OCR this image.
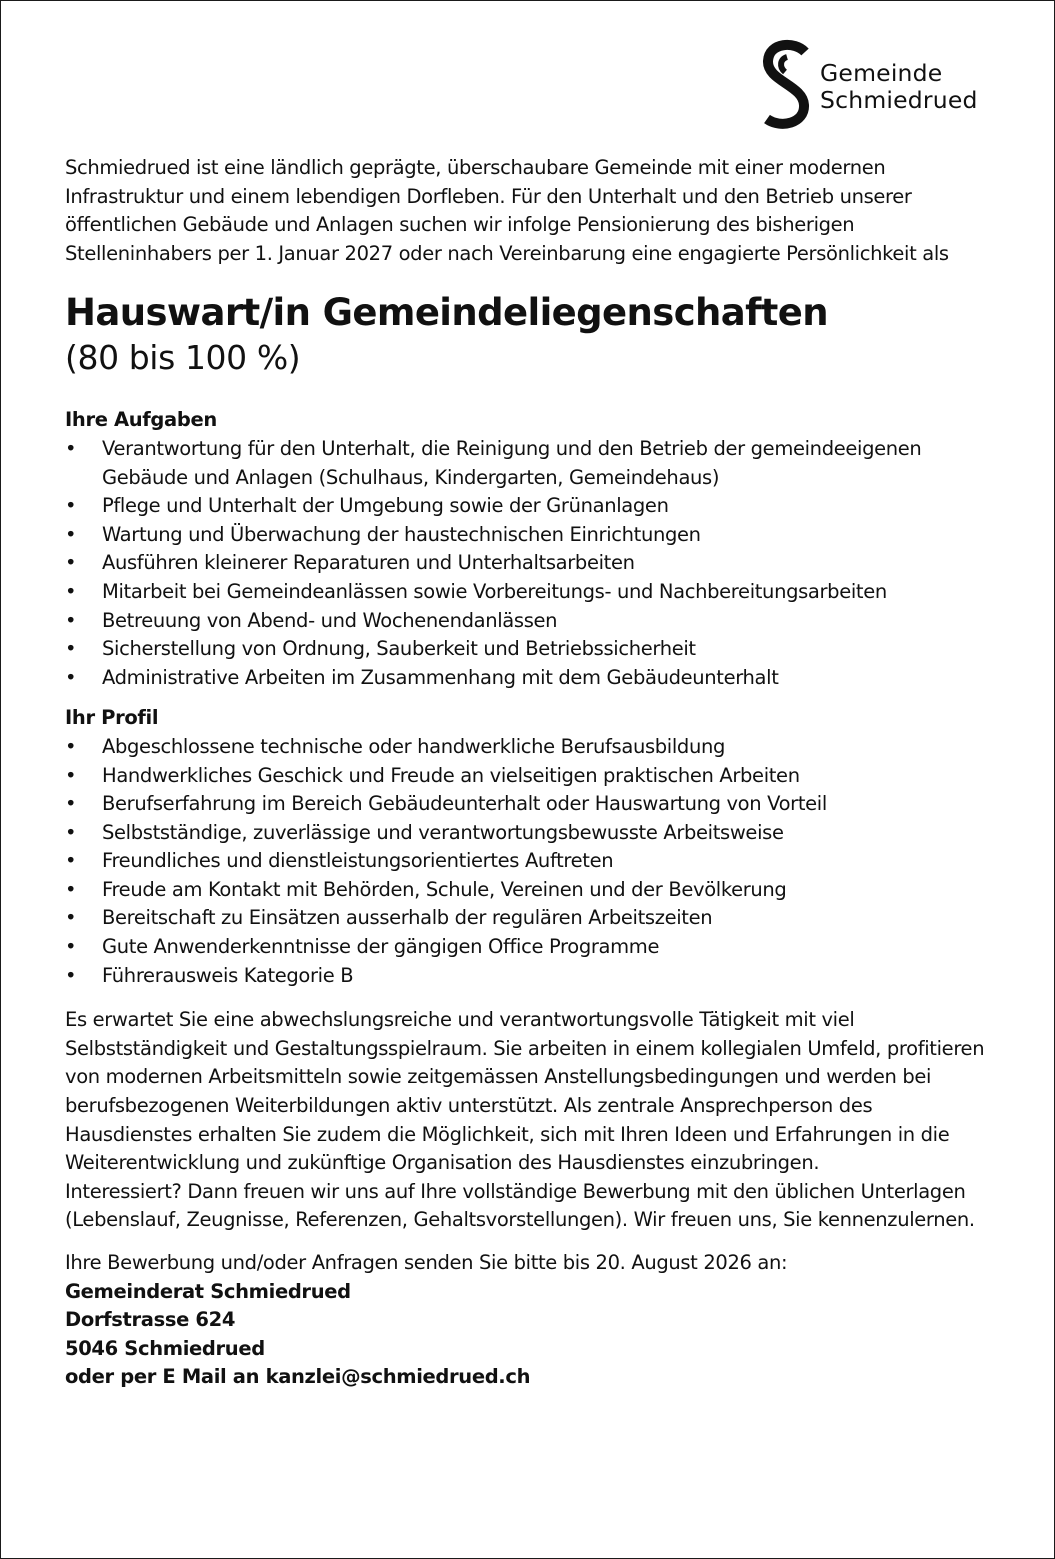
Gemeinde
Schmiedrued

Schmiedrued ist eine ländlich geprägte, überschaubare Gemeinde mit einer modernen Infrastruktur und einem lebendigen Dorfleben. Für den Unterhalt und den Betrieb unserer öffentlichen Gebäude und Anlagen suchen wir infolge Pensionierung des bisherigen Stelleninhabers per 1. Januar 2027 oder nach Vereinbarung eine engagierte Persönlichkeit als

Hauswart/in Gemeindeliegenschaften
(80 bis 100 %)
Ihre Aufgaben
•	Verantwortung für den Unterhalt, die Reinigung und den Betrieb der gemeindeeigenen Gebäude und Anlagen (Schulhaus, Kindergarten, Gemeindehaus)
•	Pflege und Unterhalt der Umgebung sowie der Grünanlagen
•	Wartung und Überwachung der haustechnischen Einrichtungen
•	Ausführen kleinerer Reparaturen und Unterhaltsarbeiten
•	Mitarbeit bei Gemeindeanlässen sowie Vorbereitungs- und Nachbereitungsarbeiten
•	Betreuung von Abend- und Wochenendanlässen
•	Sicherstellung von Ordnung, Sauberkeit und Betriebssicherheit
•	Administrative Arbeiten im Zusammenhang mit dem Gebäudeunterhalt
Ihr Profil
•	Abgeschlossene technische oder handwerkliche Berufsausbildung
•	Handwerkliches Geschick und Freude an vielseitigen praktischen Arbeiten
•	Berufserfahrung im Bereich Gebäudeunterhalt oder Hauswartung von Vorteil
•	Selbstständige, zuverlässige und verantwortungsbewusste Arbeitsweise
•	Freundliches und dienstleistungsorientiertes Auftreten
•	Freude am Kontakt mit Behörden, Schule, Vereinen und der Bevölkerung
•	Bereitschaft zu Einsätzen ausserhalb der regulären Arbeitszeiten
•	Gute Anwenderkenntnisse der gängigen Office Programme
•	Führerausweis Kategorie B

Es erwartet Sie eine abwechslungsreiche und verantwortungsvolle Tätigkeit mit viel Selbstständigkeit und Gestaltungsspielraum. Sie arbeiten in einem kollegialen Umfeld, profitieren von modernen Arbeitsmitteln sowie zeitgemässen Anstellungsbedingungen und werden bei berufsbezogenen Weiterbildungen aktiv unterstützt. Als zentrale Ansprechperson des Hausdienstes erhalten Sie zudem die Möglichkeit, sich mit Ihren Ideen und Erfahrungen in die Weiterentwicklung und zukünftige Organisation des Hausdienstes einzubringen.

Interessiert? Dann freuen wir uns auf Ihre vollständige Bewerbung mit den üblichen Unterlagen (Lebenslauf, Zeugnisse, Referenzen, Gehaltsvorstellungen). Wir freuen uns, Sie kennenzulernen.

Ihre Bewerbung und/oder Anfragen senden Sie bitte bis 20. August 2026 an:

Gemeinderat Schmiedrued
Dorfstrasse 624
5046 Schmiedrued
oder per E Mail an kanzlei@schmiedrued.ch
